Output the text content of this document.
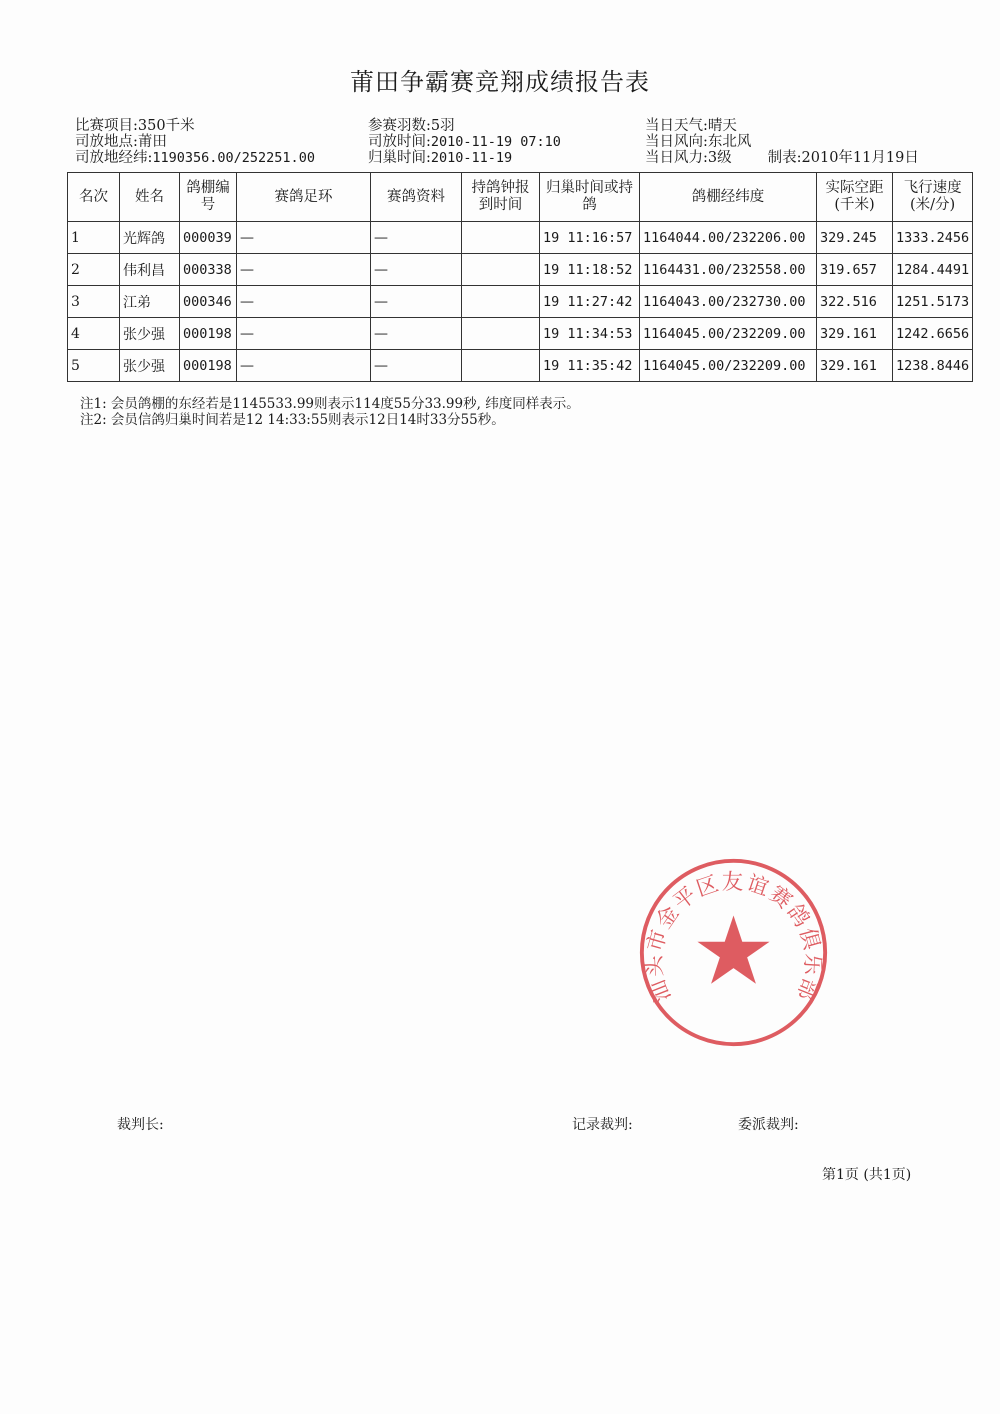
莆田争霸赛竞翔成绩报告表
比赛项目:350千米
司放地点:莆田
司放地经纬:1190356.00/252251.00
参赛羽数:5羽
司放时间:2010-11-19 07:10
归巢时间:2010-11-19
当日天气:晴天
当日风向:东北风
当日风力:3级 制表:2010年11月19日
名次	姓名	鸽棚编号	赛鸽足环	赛鸽资料	持鸽钟报到时间	归巢时间或持鸽	鸽棚经纬度	实际空距(千米)	飞行速度(米/分)
1	光辉鸽	000039	—	—		19 11:16:57	1164044.00/232206.00	329.245	1333.2456
2	伟利昌	000338	—	—		19 11:18:52	1164431.00/232558.00	319.657	1284.4491
3	江弟	000346	—	—		19 11:27:42	1164043.00/232730.00	322.516	1251.5173
4	张少强	000198	—	—		19 11:34:53	1164045.00/232209.00	329.161	1242.6656
5	张少强	000198	—	—		19 11:35:42	1164045.00/232209.00	329.161	1238.8446
注1: 会员鸽棚的东经若是1145533.99则表示114度55分33.99秒, 纬度同样表示。
注2: 会员信鸽归巢时间若是12 14:33:55则表示12日14时33分55秒。
汕头市金平区友谊赛鸽俱乐部
裁判长:	记录裁判:	委派裁判:
第1页 (共1页)
